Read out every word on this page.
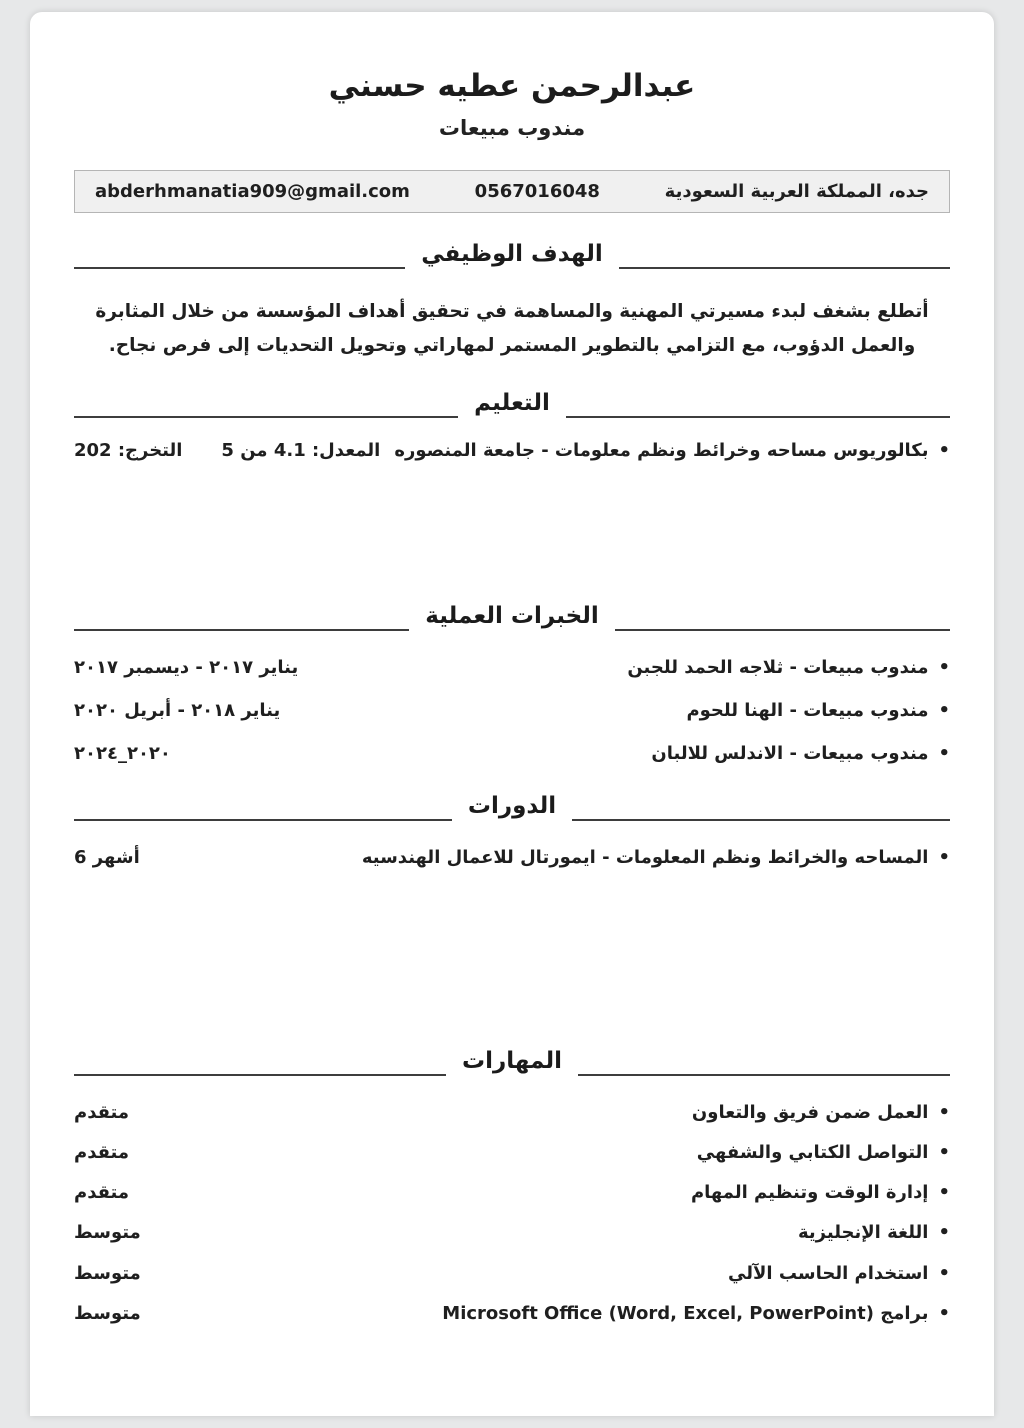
عبدالرحمن عطيه حسني
مندوب مبيعات
جده، المملكة العربية السعودية
0567016048
abderhmanatia909@gmail.com
الهدف الوظيفي

أتطلع بشغف لبدء مسيرتي المهنية والمساهمة في تحقيق أهداف المؤسسة من خلال المثابرة والعمل الدؤوب، مع التزامي بالتطوير المستمر لمهاراتي وتحويل التحديات إلى فرص نجاح.

التعليم
•
بكالوريوس مساحه وخرائط ونظم معلومات - جامعة المنصوره
المعدل: 4.1 من 5
التخرج: 202
الخبرات العملية
•
مندوب مبيعات - ثلاجه الحمد للجبن
يناير ٢٠١٧ - ديسمبر ٢٠١٧
•
مندوب مبيعات - الهنا للحوم
يناير ٢٠١٨ - أبريل ٢٠٢٠
•
مندوب مبيعات - الاندلس للالبان
٢٠٢٠_٢٠٢٤
الدورات
•
المساحه والخرائط ونظم المعلومات - ايمورتال للاعمال الهندسيه
6 أشهر
المهارات
•
العمل ضمن فريق والتعاون
متقدم
•
التواصل الكتابي والشفهي
متقدم
•
إدارة الوقت وتنظيم المهام
متقدم
•
اللغة الإنجليزية
متوسط
•
استخدام الحاسب الآلي
متوسط
•
برامج Microsoft Office (Word, Excel, PowerPoint)
متوسط
